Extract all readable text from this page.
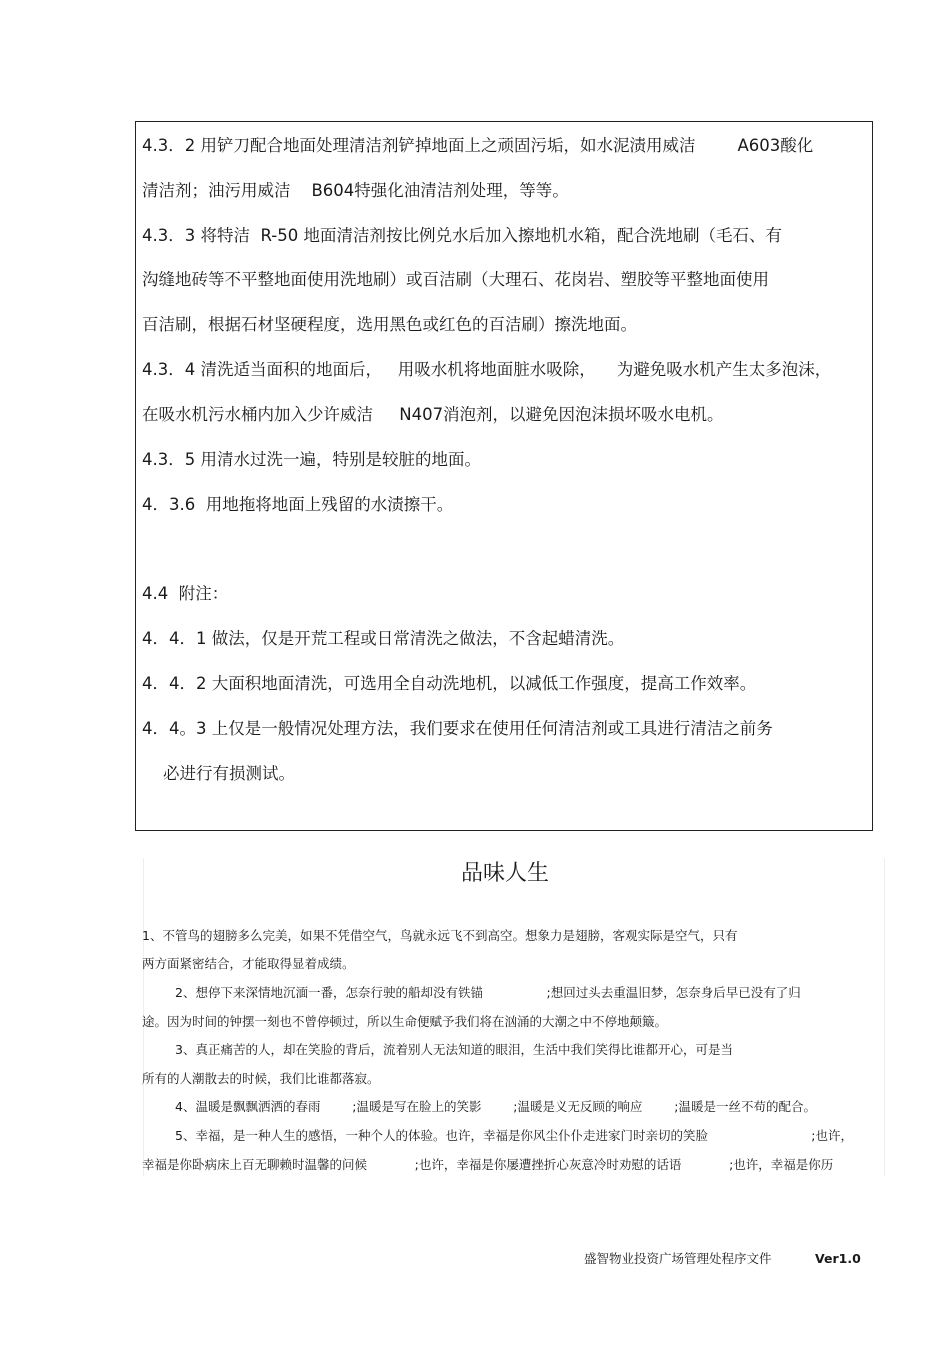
4.3．2 用铲刀配合地面处理清洁剂铲掉地面上之顽固污垢，如水泥渍用威洁        A603酸化
清洁剂；油污用威洁    B604特强化油清洁剂处理，等等。
4.3．3 将特洁  R-50 地面清洁剂按比例兑水后加入擦地机水箱，配合洗地刷（毛石、有
沟缝地砖等不平整地面使用洗地刷）或百洁刷（大理石、花岗岩、塑胶等平整地面使用
百洁刷，根据石材坚硬程度，选用黑色或红色的百洁刷）擦洗地面。
4.3．4 清洗适当面积的地面后，   用吸水机将地面脏水吸除，    为避免吸水机产生太多泡沫，
在吸水机污水桶内加入少许威洁     N407消泡剂，以避免因泡沫损坏吸水电机。
4.3．5 用清水过洗一遍，特别是较脏的地面。
4．3.6  用地拖将地面上残留的水渍擦干。
4.4  附注：
4．4．1 做法，仅是开荒工程或日常清洗之做法，不含起蜡清洗。
4．4．2 大面积地面清洗，可选用全自动洗地机，以减低工作强度，提高工作效率。
4．4。3 上仅是一般情况处理方法，我们要求在使用任何清洁剂或工具进行清洁之前务
必进行有损测试。
品味人生
1、不管鸟的翅膀多么完美，如果不凭借空气，鸟就永远飞不到高空。想象力是翅膀，客观实际是空气，只有
两方面紧密结合，才能取得显着成绩。
2、想停下来深情地沉湎一番，怎奈行驶的船却没有铁锚                ;想回过头去重温旧梦，怎奈身后早已没有了归
途。因为时间的钟摆一刻也不曾停顿过，所以生命便赋予我们将在汹涌的大潮之中不停地颠簸。
3、真正痛苦的人，却在笑脸的背后，流着别人无法知道的眼泪，生活中我们笑得比谁都开心，可是当
所有的人潮散去的时候，我们比谁都落寂。
4、温暖是飘飘洒洒的春雨        ;温暖是写在脸上的笑影        ;温暖是义无反顾的响应        ;温暖是一丝不苟的配合。
5、幸福，是一种人生的感悟，一种个人的体验。也许，幸福是你风尘仆仆走进家门时亲切的笑脸                          ;也许，
幸福是你卧病床上百无聊赖时温馨的问候            ;也许，幸福是你屡遭挫折心灰意冷时劝慰的话语            ;也许，幸福是你历
盛智物业投资广场管理处程序文件	Ver1.0
